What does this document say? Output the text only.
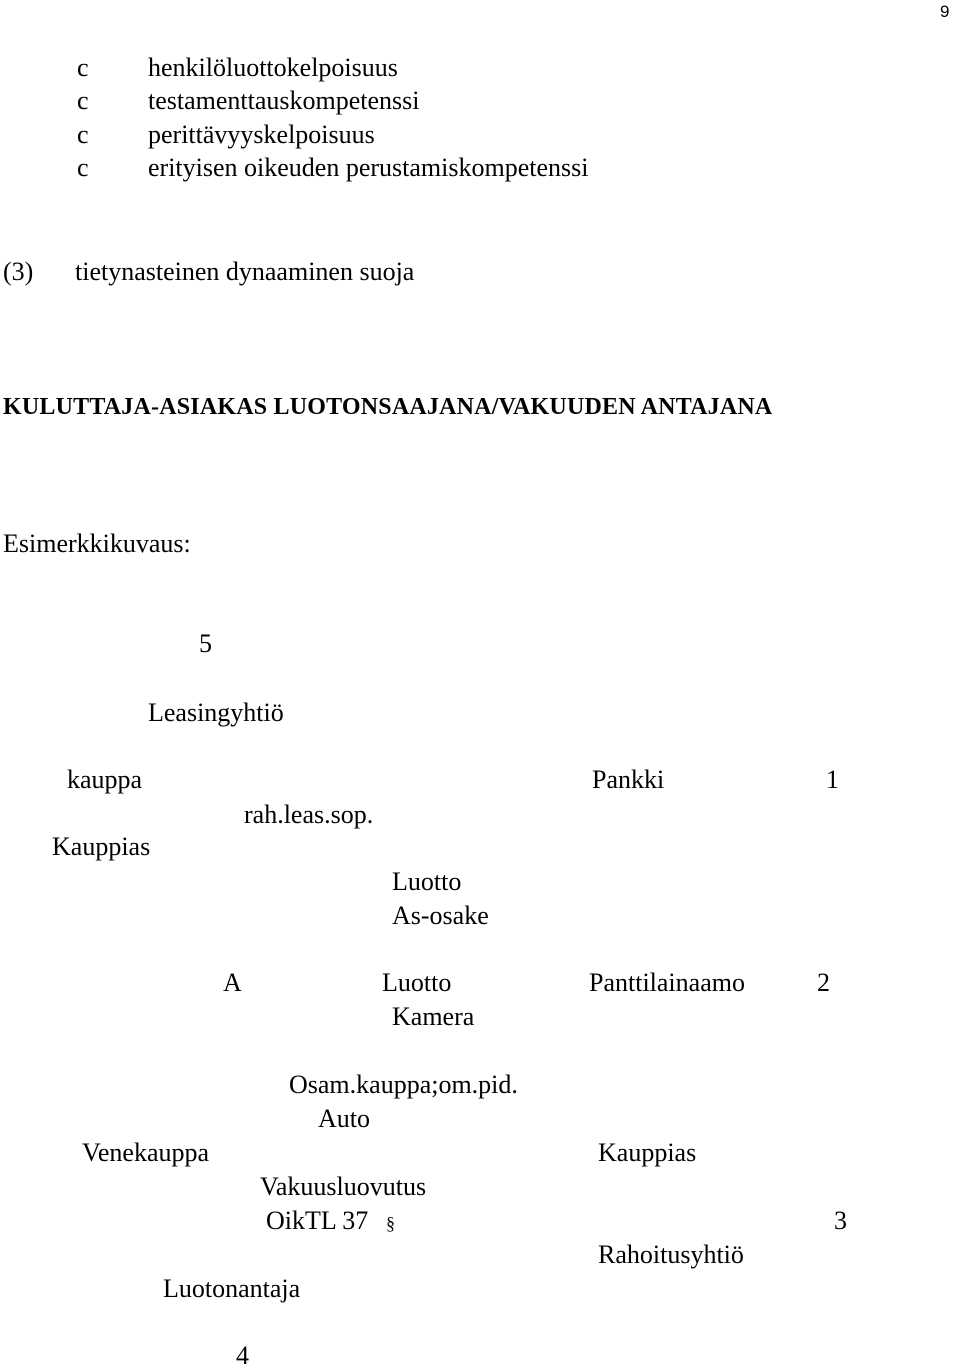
9
c henkilöluottokelpoisuus
c testamenttauskompetenssi
c perittävyyskelpoisuus
c erityisen oikeuden perustamiskompetenssi
(3) tietynasteinen dynaaminen suoja
KULUTTAJA-ASIAKAS LUOTONSAAJANA/VAKUUDEN ANTAJANA
Esimerkkikuvaus:
5
Leasingyhtiö
kauppa	Pankki	1
rah.leas.sop.
Kauppias
Luotto
As-osake
A	Luotto	Panttilainaamo	2
Kamera
Osam.kauppa;om.pid.
Auto
Venekauppa	Kauppias
Vakuusluovutus
OikTL 37 §	3
Rahoitusyhtiö
Luotonantaja
4
